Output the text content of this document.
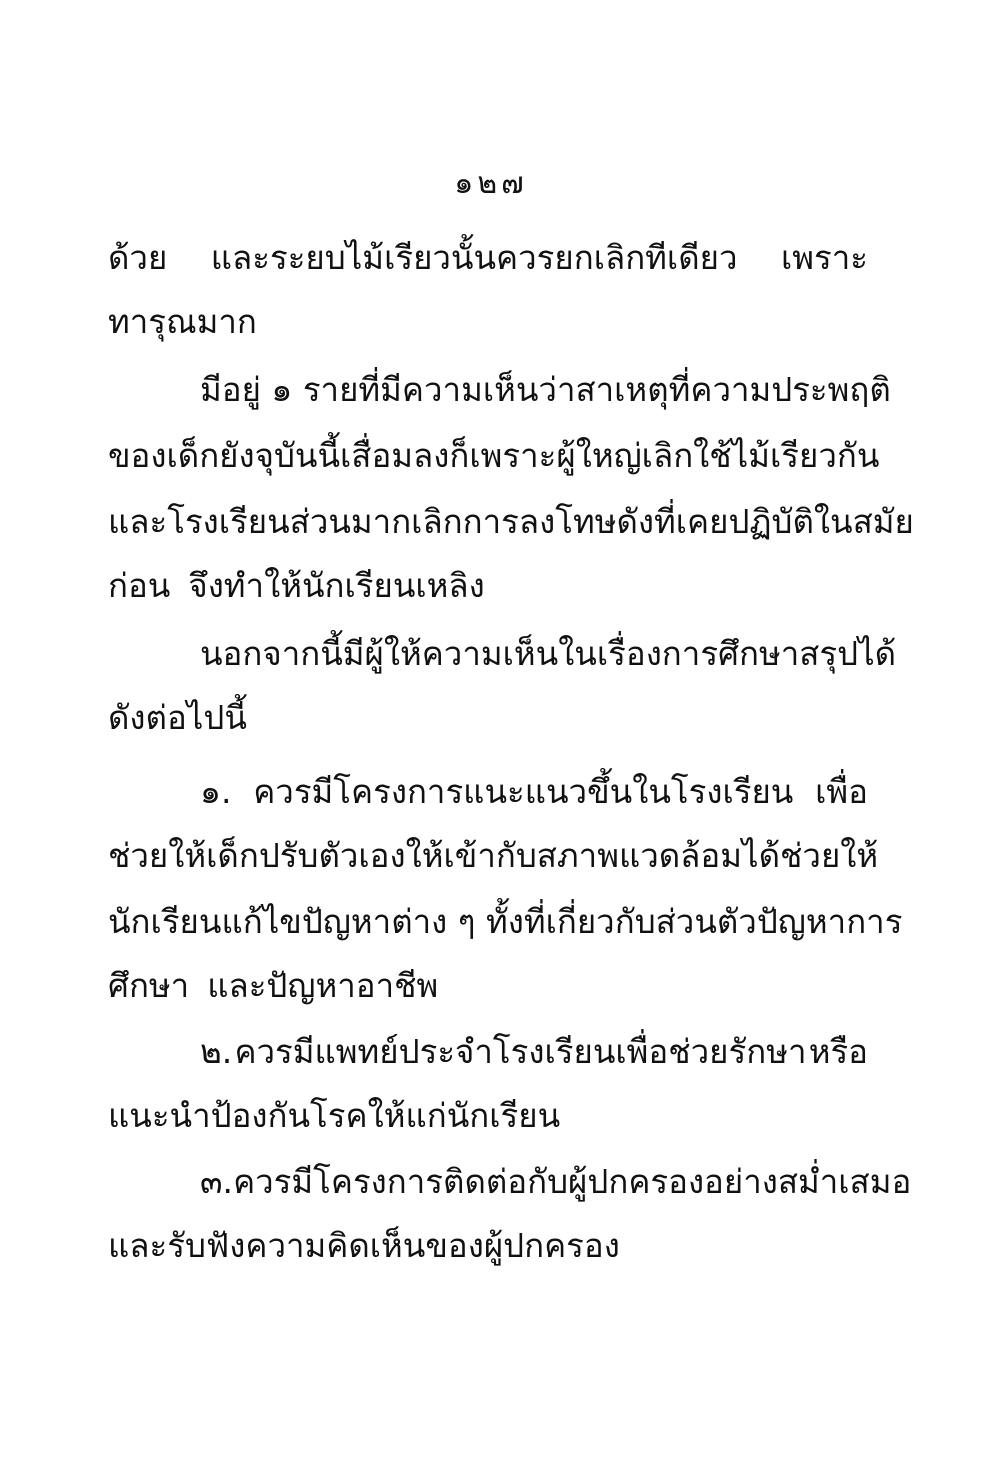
๑๒๗
ด้วย และระยบไม้เรียวนั้นควรยกเลิกทีเดียว เพราะ
ทารุณมาก
มีอยู่ ๑ รายที่มีความเห็นว่า สาเหตุที่ความประพฤติ
ของเด็กยังจุบันนี้เสื่อมลง ก็เพราะผู้ใหญ่เลิกใช้ไม้เรียวกัน
และโรงเรียนส่วนมากเลิกการลงโทษดังที่เคยปฏิบัติในสมัย
ก่อน จึงทำให้นักเรียนเหลิง
นอกจากนี้มีผู้ให้ความเห็นในเรื่องการศึกษา สรุปได้
ดังต่อไปนี้
๑. ควรมีโครงการแนะแนวขึ้นในโรงเรียน เพื่อ
ช่วยให้เด็กปรับตัวเองให้เข้ากับสภาพแวดล้อมได้ ช่วยให้
นักเรียนแก้ไขปัญหาต่าง ๆ ทั้งที่เกี่ยวกับส่วนตัว ปัญหาการ
ศึกษา และปัญหาอาชีพ
๒. ควรมีแพทย์ประจำโรงเรียนเพื่อช่วยรักษา หรือ
แนะนำป้องกันโรคให้แก่นักเรียน
๓. ควรมีโครงการติดต่อกับผู้ปกครองอย่างสม่ำเสมอ
และรับฟังความคิดเห็นของผู้ปกครอง
